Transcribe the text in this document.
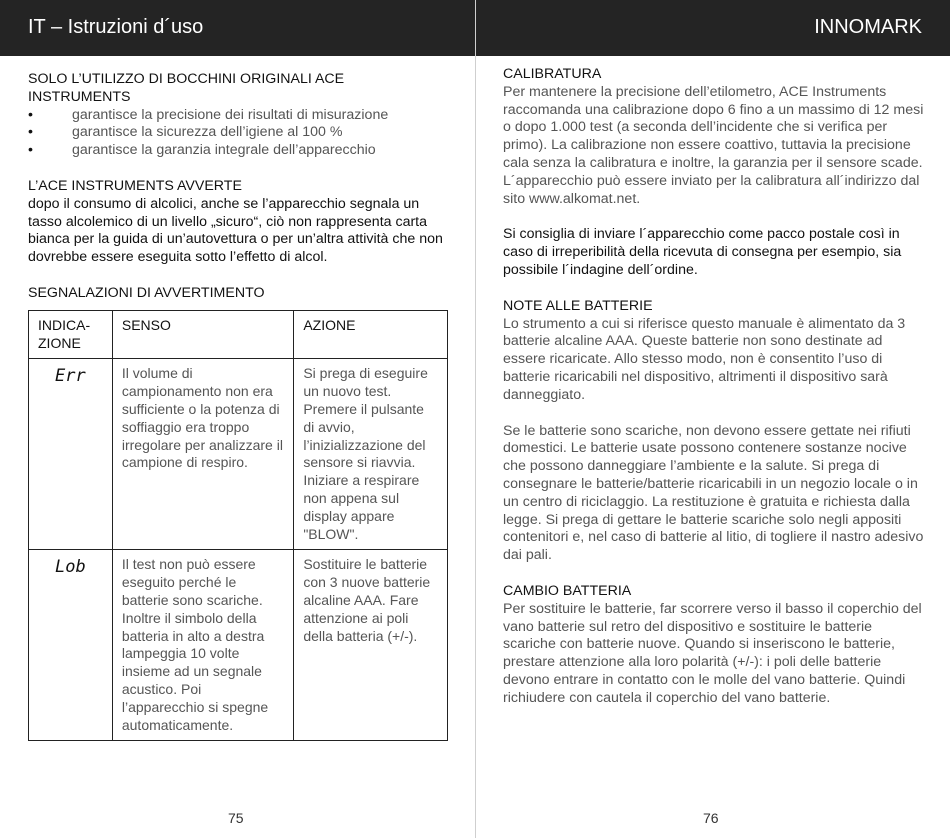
IT – Istruzioni d´uso

SOLO L’UTILIZZO DI BOCCHINI ORIGINALI ACE INSTRUMENTS

• garantisce la precisione dei risultati di misurazione
• garantisce la sicurezza dell’igiene al 100 %
• garantisce la garanzia integrale dell’apparecchio

L’ACE INSTRUMENTS AVVERTE

dopo il consumo di alcolici, anche se l’apparecchio segnala un tasso alcolemico di un livello „sicuro“, ciò non rappresenta carta bianca per la guida di un’autovettura o per un’altra attività che non dovrebbe essere eseguita sotto l’effetto di alcol.

SEGNALAZIONI DI AVVERTIMENTO

INDICA-
ZIONE	SENSO	AZIONE

Err	Il volume di campionamento non era sufficiente o la potenza di soffiaggio era troppo irregolare per analizzare il campione di respiro.	Si prega di eseguire un nuovo test. Premere il pulsante di avvio, l’inizializzazione del sensore si riavvia. Iniziare a respirare non appena sul display appare "BLOW".

Lob	Il test non può essere eseguito perché le batterie sono scariche. Inoltre il simbolo della batteria in alto a destra lampeggia 10 volte insieme ad un segnale acustico. Poi l’apparecchio si spegne automaticamente.	Sostituire le batterie con 3 nuove batterie alcaline AAA. Fare attenzione ai poli della batteria (+/-).
75
INNOMARK

CALIBRATURA

Per mantenere la precisione dell’etilometro, ACE Instruments raccomanda una calibrazione dopo 6 fino a un massimo di 12 mesi o dopo 1.000 test (a seconda dell’incidente che si verifica per primo). La calibrazione non essere coattivo, tuttavia la precisione cala senza la calibratura e inoltre, la garanzia per il sensore scade. L´apparecchio può essere inviato per la calibratura all´indirizzo dal sito www.alkomat.net.

Si consiglia di inviare l´apparecchio come pacco postale così in caso di irreperibilità della ricevuta di consegna per esempio, sia possibile l´indagine dell´ordine.

NOTE ALLE BATTERIE

Lo strumento a cui si riferisce questo manuale è alimentato da 3 batterie alcaline AAA. Queste batterie non sono destinate ad essere ricaricate. Allo stesso modo, non è consentito l’uso di batterie ricaricabili nel dispositivo, altrimenti il dispositivo sarà danneggiato.

Se le batterie sono scariche, non devono essere gettate nei rifiuti domestici. Le batterie usate possono contenere sostanze nocive che possono danneggiare l’ambiente e la salute. Si prega di consegnare le batterie/batterie ricaricabili in un negozio locale o in un centro di riciclaggio. La restituzione è gratuita e richiesta dalla legge. Si prega di gettare le batterie scariche solo negli appositi contenitori e, nel caso di batterie al litio, di togliere il nastro adesivo dai pali.

CAMBIO BATTERIA

Per sostituire le batterie, far scorrere verso il basso il coperchio del vano batterie sul retro del dispositivo e sostituire le batterie scariche con batterie nuove. Quando si inseriscono le batterie, prestare attenzione alla loro polarità (+/-): i poli delle batterie devono entrare in contatto con le molle del vano batterie. Quindi richiudere con cautela il coperchio del vano batterie.

76
